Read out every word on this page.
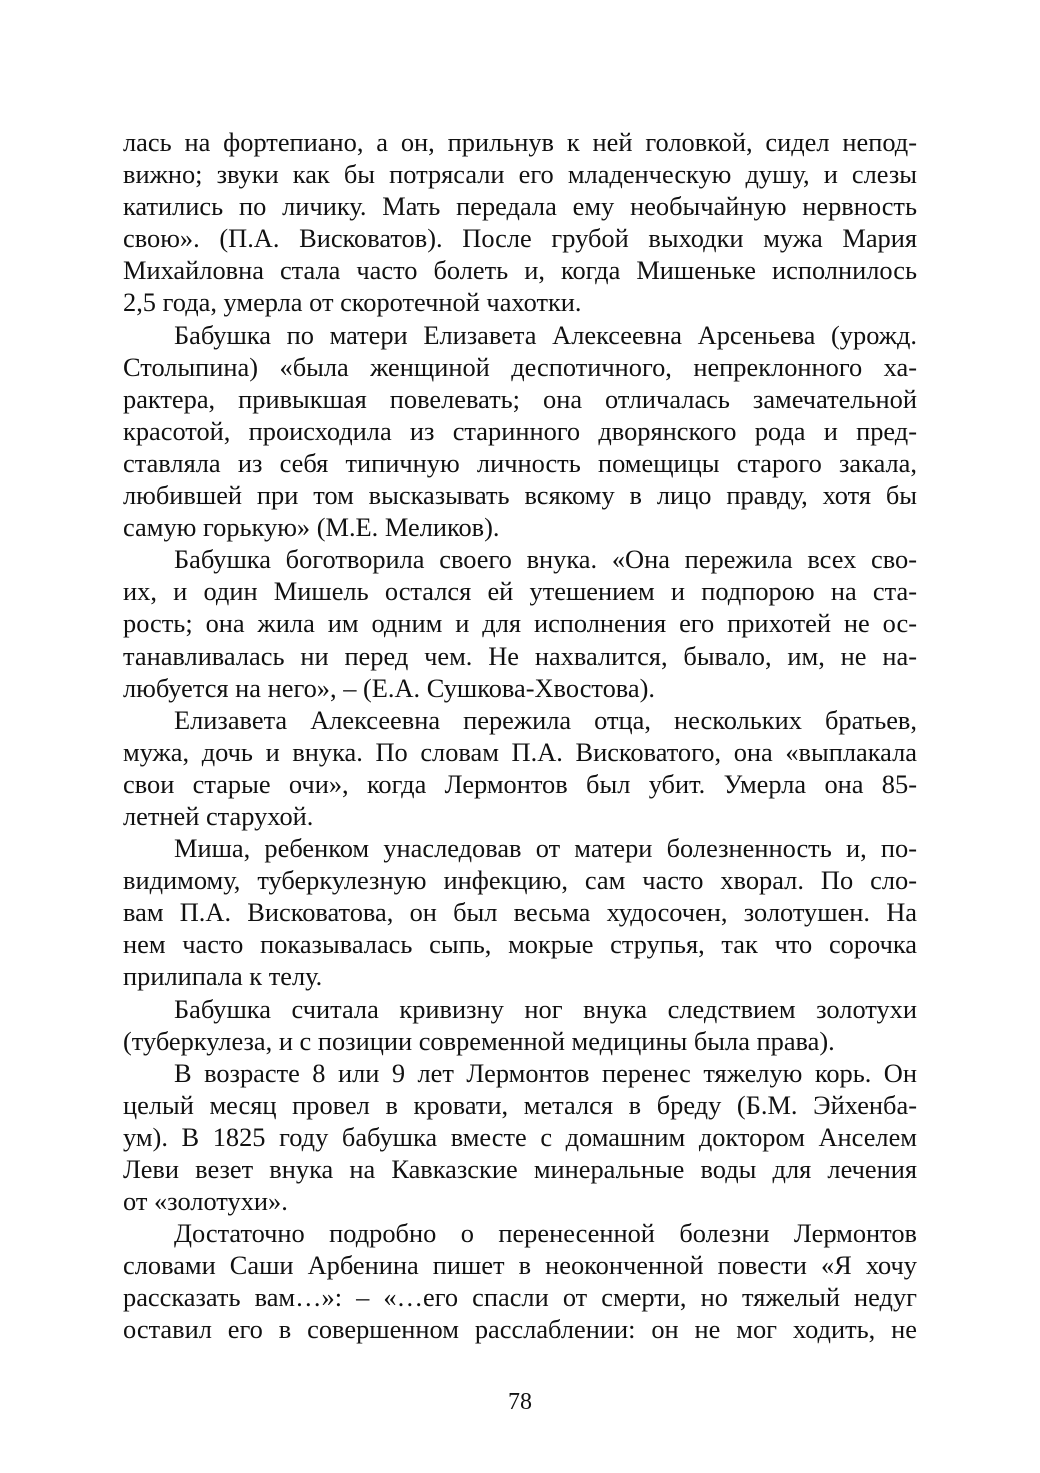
лась на фортепиано, а он, прильнув к ней головкой, сидел непод-
вижно; звуки как бы потрясали его младенческую душу, и слезы
катились по личику. Мать передала ему необычайную нервность
свою». (П.А. Висковатов). После грубой выходки мужа Мария
Михайловна стала часто болеть и, когда Мишеньке исполнилось
2,5 года, умерла от скоротечной чахотки.
Бабушка по матери Елизавета Алексеевна Арсеньева (урожд.
Столыпина) «была женщиной деспотичного, непреклонного ха-
рактера, привыкшая повелевать; она отличалась замечательной
красотой, происходила из старинного дворянского рода и пред-
ставляла из себя типичную личность помещицы старого закала,
любившей при том высказывать всякому в лицо правду, хотя бы
самую горькую» (М.Е. Меликов).
Бабушка боготворила своего внука. «Она пережила всех сво-
их, и один Мишель остался ей утешением и подпорою на ста-
рость; она жила им одним и для исполнения его прихотей не ос-
танавливалась ни перед чем. Не нахвалится, бывало, им, не на-
любуется на него», – (Е.А. Сушкова-Хвостова).
Елизавета Алексеевна пережила отца, нескольких братьев,
мужа, дочь и внука. По словам П.А. Висковатого, она «выплакала
свои старые очи», когда Лермонтов был убит. Умерла она 85-
летней старухой.
Миша, ребенком унаследовав от матери болезненность и, по-
видимому, туберкулезную инфекцию, сам часто хворал. По сло-
вам П.А. Висковатова, он был весьма худосочен, золотушен. На
нем часто показывалась сыпь, мокрые струпья, так что сорочка
прилипала к телу.
Бабушка считала кривизну ног внука следствием золотухи
(туберкулеза, и с позиции современной медицины была права).
В возрасте 8 или 9 лет Лермонтов перенес тяжелую корь. Он
целый месяц провел в кровати, метался в бреду (Б.М. Эйхенба-
ум). В 1825 году бабушка вместе с домашним доктором Анселем
Леви везет внука на Кавказские минеральные воды для лечения
от «золотухи».
Достаточно подробно о перенесенной болезни Лермонтов
словами Саши Арбенина пишет в неоконченной повести «Я хочу
рассказать вам…»: – «…его спасли от смерти, но тяжелый недуг
оставил его в совершенном расслаблении: он не мог ходить, не
78
